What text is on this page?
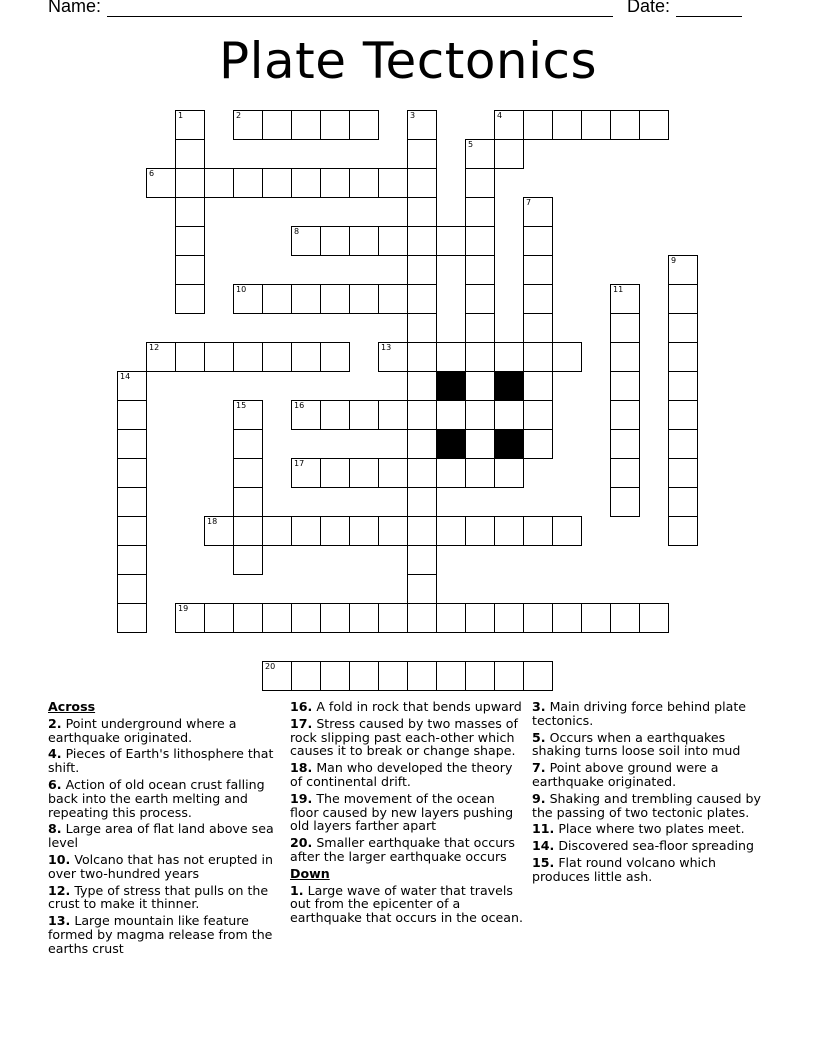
Name:	Date:
Plate Tectonics
1	2	3	4
5
6
7
8
9
10	11
12	13
14
15	16
17
18
19
20
Across
2. Point underground where a earthquake originated.
4. Pieces of Earth's lithosphere that shift.
6. Action of old ocean crust falling back into the earth melting and repeating this process.
8. Large area of flat land above sea level
10. Volcano that has not erupted in over two-hundred years
12. Type of stress that pulls on the crust to make it thinner.
13. Large mountain like feature formed by magma release from the earths crust
16. A fold in rock that bends upward
17. Stress caused by two masses of rock slipping past each-other which causes it to break or change shape.
18. Man who developed the theory of continental drift.
19. The movement of the ocean floor caused by new layers pushing old layers farther apart
20. Smaller earthquake that occurs after the larger earthquake occurs
Down
1. Large wave of water that travels out from the epicenter of a earthquake that occurs in the ocean.
3. Main driving force behind plate tectonics.
5. Occurs when a earthquakes shaking turns loose soil into mud
7. Point above ground were a earthquake originated.
9. Shaking and trembling caused by the passing of two tectonic plates.
11. Place where two plates meet.
14. Discovered sea-floor spreading
15. Flat round volcano which produces little ash.
